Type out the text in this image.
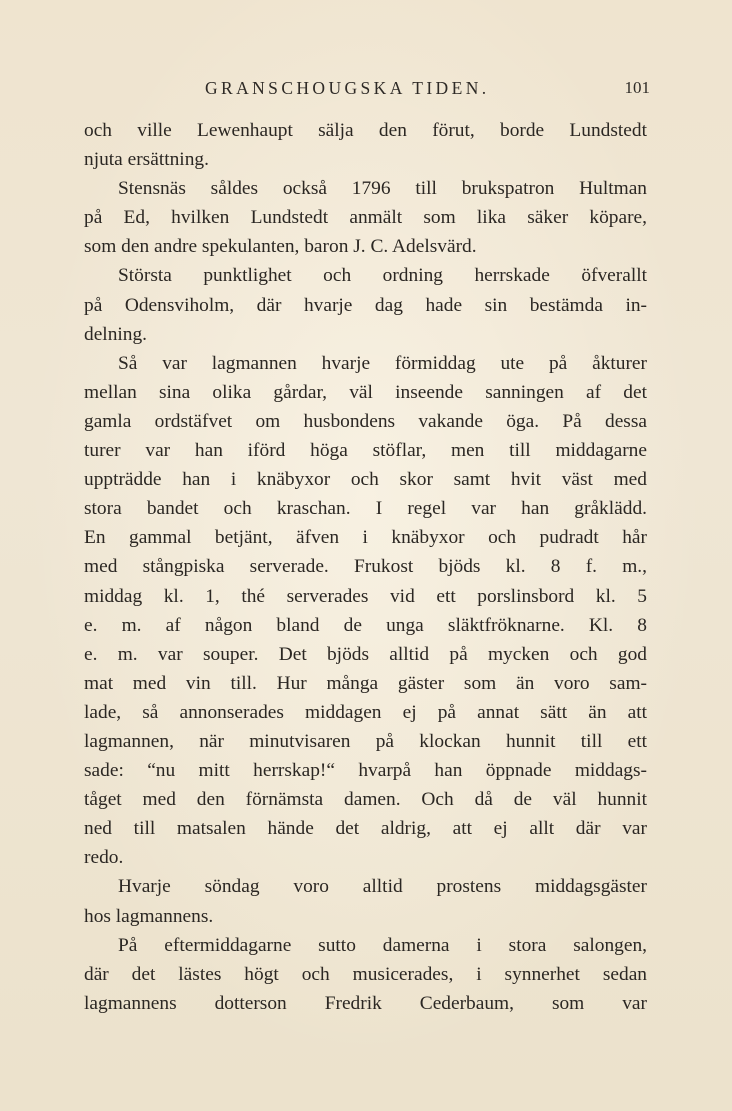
GRANSCHOUGSKA TIDEN.	101
och ville Lewenhaupt sälja den förut, borde Lundstedt
njuta ersättning.
Stensnäs såldes också 1796 till brukspatron Hultman
på Ed, hvilken Lundstedt anmält som lika säker köpare,
som den andre spekulanten, baron J. C. Adelsvärd.
Största punktlighet och ordning herrskade öfverallt
på Odensviholm, där hvarje dag hade sin bestämda in-
delning.
Så var lagmannen hvarje förmiddag ute på åkturer
mellan sina olika gårdar, väl inseende sanningen af det
gamla ordstäfvet om husbondens vakande öga. På dessa
turer var han iförd höga stöflar, men till middagarne
uppträdde han i knäbyxor och skor samt hvit väst med
stora bandet och kraschan. I regel var han gråklädd.
En gammal betjänt, äfven i knäbyxor och pudradt hår
med stångpiska serverade. Frukost bjöds kl. 8 f. m.,
middag kl. 1, thé serverades vid ett porslinsbord kl. 5
e. m. af någon bland de unga släktfröknarne. Kl. 8
e. m. var souper. Det bjöds alltid på mycken och god
mat med vin till. Hur många gäster som än voro sam-
lade, så annonserades middagen ej på annat sätt än att
lagmannen, när minutvisaren på klockan hunnit till ett
sade: “nu mitt herrskap!“ hvarpå han öppnade middags-
tåget med den förnämsta damen. Och då de väl hunnit
ned till matsalen hände det aldrig, att ej allt där var
redo.
Hvarje söndag voro alltid prostens middagsgäster
hos lagmannens.
På eftermiddagarne sutto damerna i stora salongen,
där det lästes högt och musicerades, i synnerhet sedan
lagmannens dotterson Fredrik Cederbaum, som var
